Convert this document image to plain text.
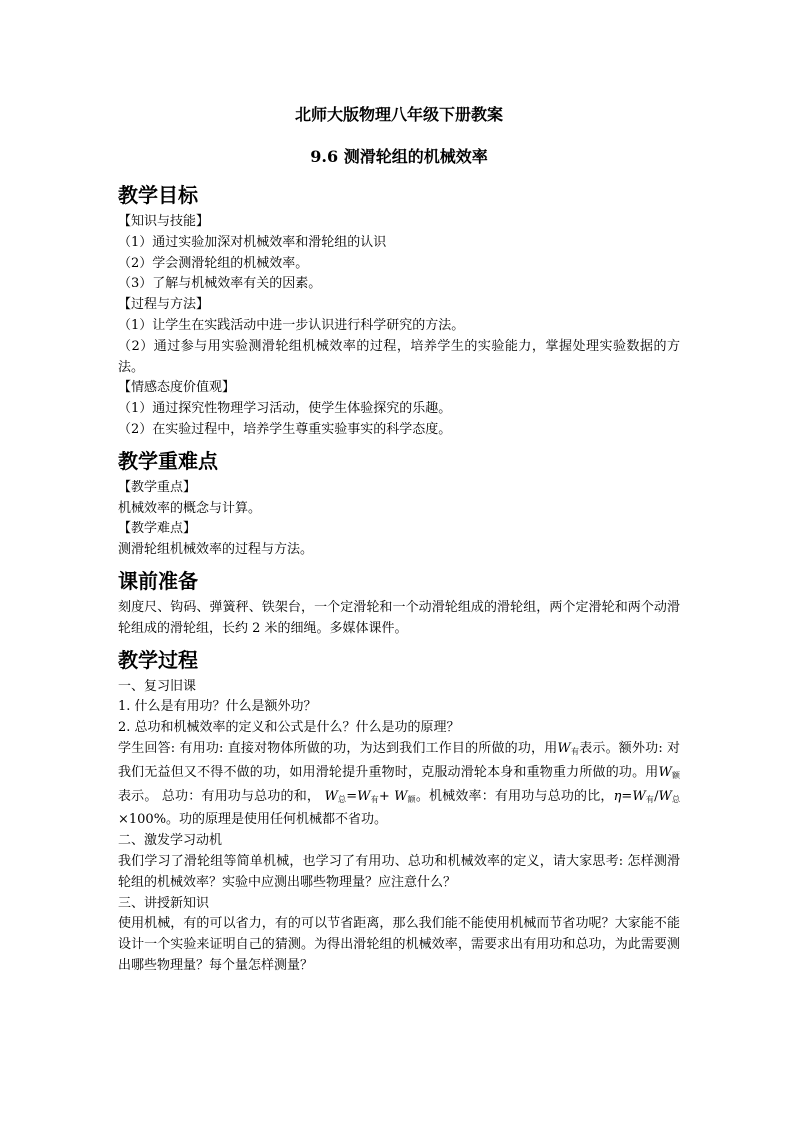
北师大版物理八年级下册教案

9.6 测滑轮组的机械效率

教学目标

【知识与技能】

（1）通过实验加深对机械效率和滑轮组的认识

（2）学会测滑轮组的机械效率。

（3）了解与机械效率有关的因素。

【过程与方法】

（1）让学生在实践活动中进一步认识进行科学研究的方法。

（2）通过参与用实验测滑轮组机械效率的过程，培养学生的实验能力，掌握处理实验数据的方法。

【情感态度价值观】

（1）通过探究性物理学习活动，使学生体验探究的乐趣。

（2）在实验过程中，培养学生尊重实验事实的科学态度。

教学重难点

【教学重点】

机械效率的概念与计算。

【教学难点】

测滑轮组机械效率的过程与方法。

课前准备

刻度尺、钩码、弹簧秤、铁架台，一个定滑轮和一个动滑轮组成的滑轮组，两个定滑轮和两个动滑轮组成的滑轮组，长约 2 米的细绳。多媒体课件。

教学过程

一、复习旧课

1. 什么是有用功？什么是额外功？

2. 总功和机械效率的定义和公式是什么？什么是功的原理？

学生回答: 有用功: 直接对物体所做的功，为达到我们工作目的所做的功，用W有表示。额外功: 对我们无益但又不得不做的功，如用滑轮提升重物时，克服动滑轮本身和重物重力所做的功。用W额表示。 总功：有用功与总功的和， W总=W有+ W额。机械效率：有用功与总功的比，η=W有/W总×100%。功的原理是使用任何机械都不省功。

二、激发学习动机

我们学习了滑轮组等简单机械，也学习了有用功、总功和机械效率的定义，请大家思考: 怎样测滑轮组的机械效率？实验中应测出哪些物理量？应注意什么？

三、讲授新知识

使用机械，有的可以省力，有的可以节省距离，那么我们能不能使用机械而节省功呢？大家能不能设计一个实验来证明自己的猜测。为得出滑轮组的机械效率，需要求出有用功和总功，为此需要测出哪些物理量？每个量怎样测量？
